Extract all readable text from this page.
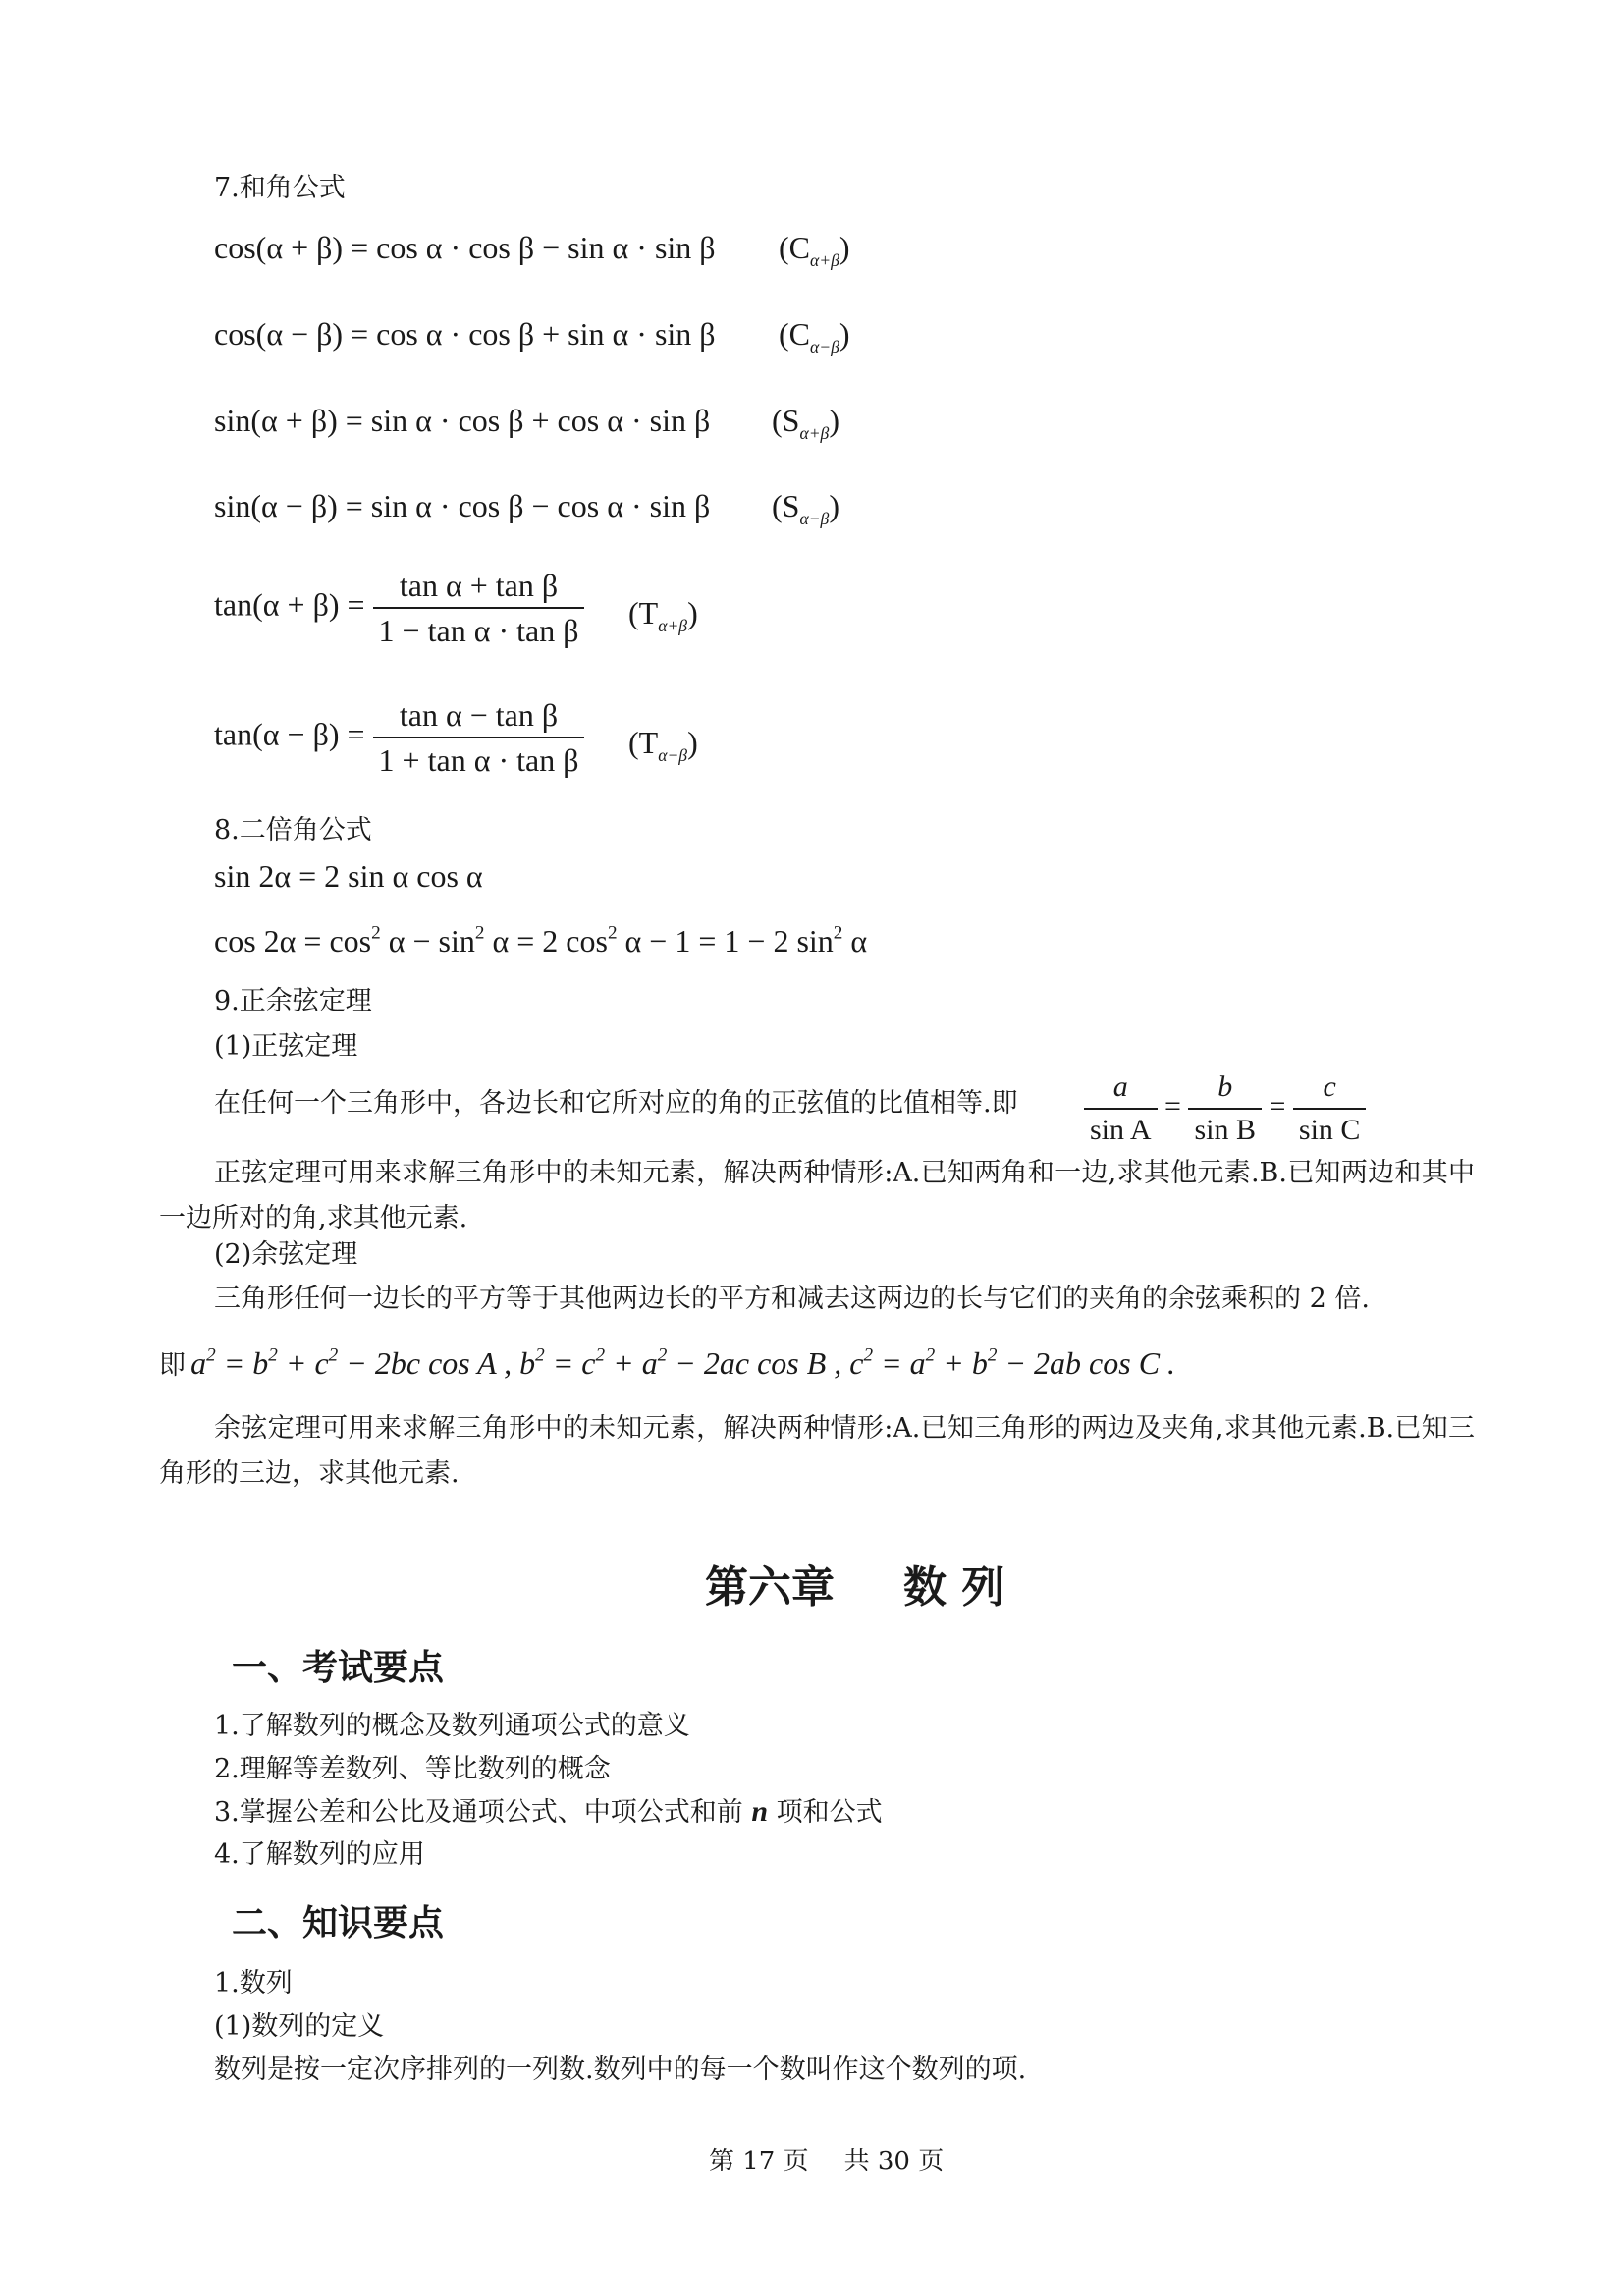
7.和角公式
cos(α + β) = cos α · cos β − sin α · sin β $(C_{\alpha+\beta})$
cos(α − β) = cos α · cos β + sin α · sin β $(C_{\alpha-\beta})$
sin(α + β) = sin α · cos β + cos α · sin β $(S_{\alpha+\beta})$
sin(α − β) = sin α · cos β − cos α · sin β $(S_{\alpha-\beta})$
$\tan(\alpha + \beta) = \frac{\text{tan α + tan β}}{\text{1 − tan α · tan β}} (T_{\alpha+\beta})$
$\tan(\alpha - \beta) = \frac{\text{tan α − tan β}}{\text{1 + tan α · tan β}} (T_{\alpha-\beta})$
8.二倍角公式
sin 2α = 2 sin α cos α
$\cos 2\alpha = \cos^2 \alpha - \sin^2 \alpha = 2$ $\cos^2 \alpha - 1 = 1 - 2$ $\sin^2 \alpha$
9.正余弦定理
(1)正弦定理
在任何一个三角形中，各边长和它所对应的角的正弦值的比值相等.即 $\frac{a}{\text{sin A}} = \frac{b}{\text{sin B}} = \frac{c}{\text{sin C}}$
正弦定理可用来求解三角形中的未知元素，解决两种情形:A.已知两角和一边,求其他元素.B.已知两边和其中一边所对的角,求其他元素.
(2)余弦定理
三角形任何一边长的平方等于其他两边长的平方和减去这两边的长与它们的夹角的余弦乘积的 2 倍.
即 $a^2 = b^2 + c^2 - 2bc$ cos A , $b^2 = c^2 + a^2 - 2ac$ cos B , $c^2 = a^2 + b^2 - 2ab$ cos C .
余弦定理可用来求解三角形中的未知元素，解决两种情形:A.已知三角形的两边及夹角,求其他元素.B.已知三角形的三边，求其他元素.
第六章 数 列
一、考试要点
1.了解数列的概念及数列通项公式的意义
2.理解等差数列、等比数列的概念
3.掌握公差和公比及通项公式、中项公式和前 n 项和公式
4.了解数列的应用
二、知识要点
1.数列
(1)数列的定义
数列是按一定次序排列的一列数.数列中的每一个数叫作这个数列的项.
第 17 页 共 30 页
